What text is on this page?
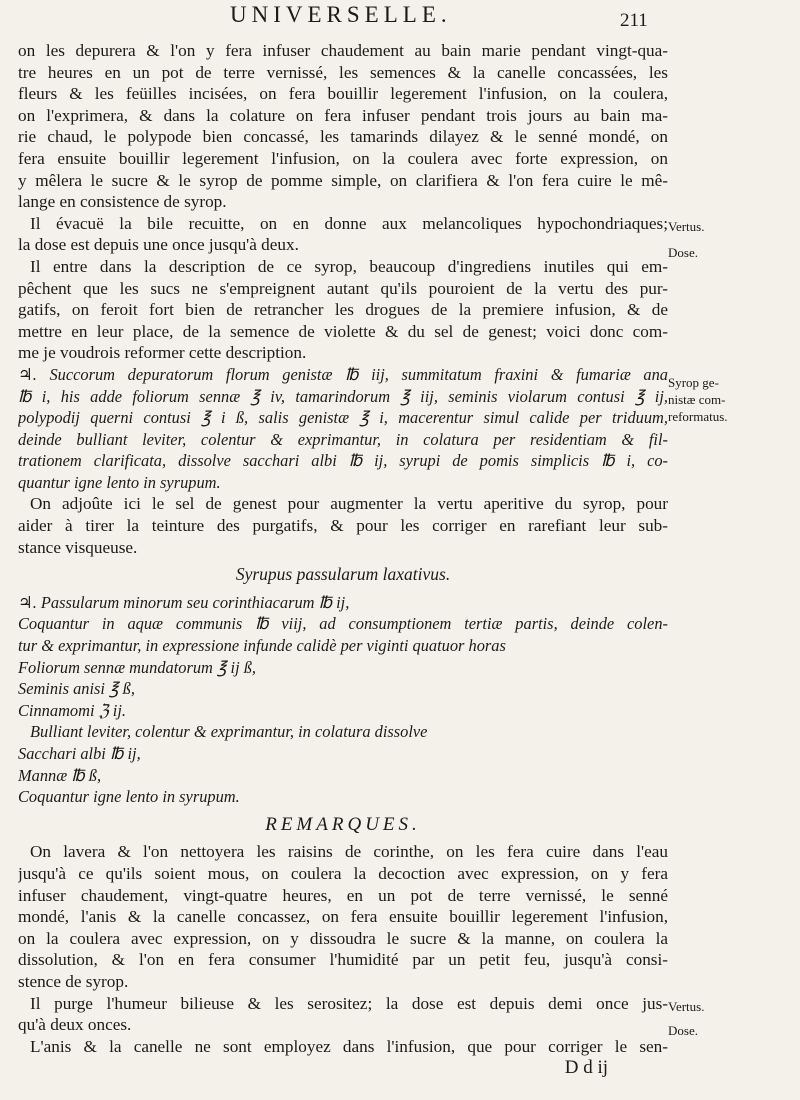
UNIVERSELLE.	211
on les depurera & l'on y fera infuser chaudement au bain marie pendant vingt-qua-
tre heures en un pot de terre vernissé, les semences & la canelle concassées, les
fleurs & les feüilles incisées, on fera bouillir legerement l'infusion, on la coulera,
on l'exprimera, & dans la colature on fera infuser pendant trois jours au bain ma-
rie chaud, le polypode bien concassé, les tamarinds dilayez & le senné mondé, on
fera ensuite bouillir legerement l'infusion, on la coulera avec forte expression, on
y mêlera le sucre & le syrop de pomme simple, on clarifiera & l'on fera cuire le mê-
lange en consistence de syrop.
Il évacuë la bile recuitte, on en donne aux melancoliques hypochondriaques;
la dose est depuis une once jusqu'à deux.
Il entre dans la description de ce syrop, beaucoup d'ingrediens inutiles qui em-
pêchent que les sucs ne s'empreignent autant qu'ils pouroient de la vertu des pur-
gatifs, on feroit fort bien de retrancher les drogues de la premiere infusion, & de
mettre en leur place, de la semence de violette & du sel de genest; voici donc com-
me je voudrois reformer cette description.
♃. Succorum depuratorum florum genistæ ℔ iij, summitatum fraxini & fumariæ ana
℔ i, his adde foliorum sennæ ℥ iv, tamarindorum ℥ iij, seminis violarum contusi ℥ ij,
polypodij querni contusi ℥ i ß, salis genistæ ℥ i, macerentur simul calide per triduum,
deinde bulliant leviter, colentur & exprimantur, in colatura per residentiam & fil-
trationem clarificata, dissolve sacchari albi ℔ ij, syrupi de pomis simplicis ℔ i, co-
quantur igne lento in syrupum.
On adjoûte ici le sel de genest pour augmenter la vertu aperitive du syrop, pour
aider à tirer la teinture des purgatifs, & pour les corriger en rarefiant leur sub-
stance visqueuse.
Syrupus passularum laxativus.
♃. Passularum minorum seu corinthiacarum ℔ ij,
Coquantur in aquæ communis ℔ viij, ad consumptionem tertiæ partis, deinde colen-
tur & exprimantur, in expressione infunde calidè per viginti quatuor horas
Foliorum sennæ mundatorum ℥ ij ß,
Seminis anisi ℥ ß,
Cinnamomi ℨ ij.
Bulliant leviter, colentur & exprimantur, in colatura dissolve
Sacchari albi ℔ ij,
Mannæ ℔ ß,
Coquantur igne lento in syrupum.
REMARQUES.
On lavera & l'on nettoyera les raisins de corinthe, on les fera cuire dans l'eau
jusqu'à ce qu'ils soient mous, on coulera la decoction avec expression, on y fera
infuser chaudement, vingt-quatre heures, en un pot de terre vernissé, le senné
mondé, l'anis & la canelle concassez, on fera ensuite bouillir legerement l'infusion,
on la coulera avec expression, on y dissoudra le sucre & la manne, on coulera la
dissolution, & l'on en fera consumer l'humidité par un petit feu, jusqu'à consi-
stence de syrop.
Il purge l'humeur bilieuse & les serositez; la dose est depuis demi once jus-
qu'à deux onces.
L'anis & la canelle ne sont employez dans l'infusion, que pour corriger le sen-
D d ij
Vertus.
Dose.
Syrop ge-
nistæ com-
reformatus.
Vertus.
Dose.
